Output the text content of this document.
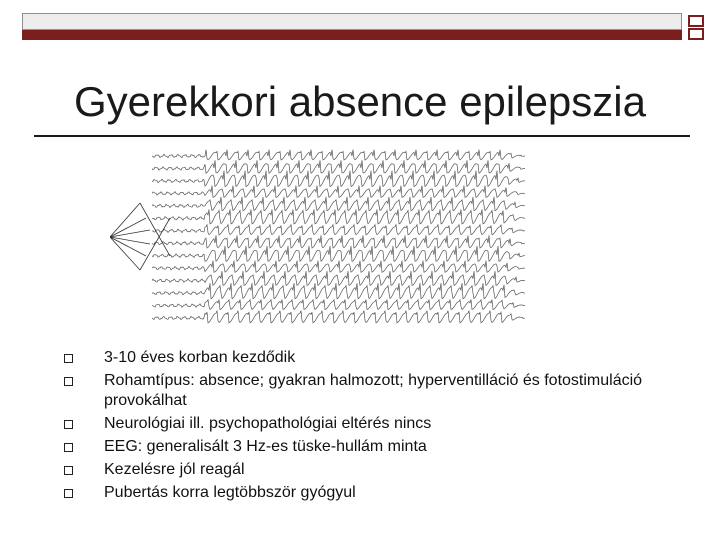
Gyerekkori absence epilepszia
3-10 éves korban kezdődik
Rohamtípus: absence; gyakran halmozott; hyperventilláció és fotostimuláció provokálhat
Neurológiai ill. psychopathológiai eltérés nincs
EEG: generalisált 3 Hz-es tüske-hullám minta
Kezelésre jól reagál
Pubertás korra legtöbbször gyógyul
